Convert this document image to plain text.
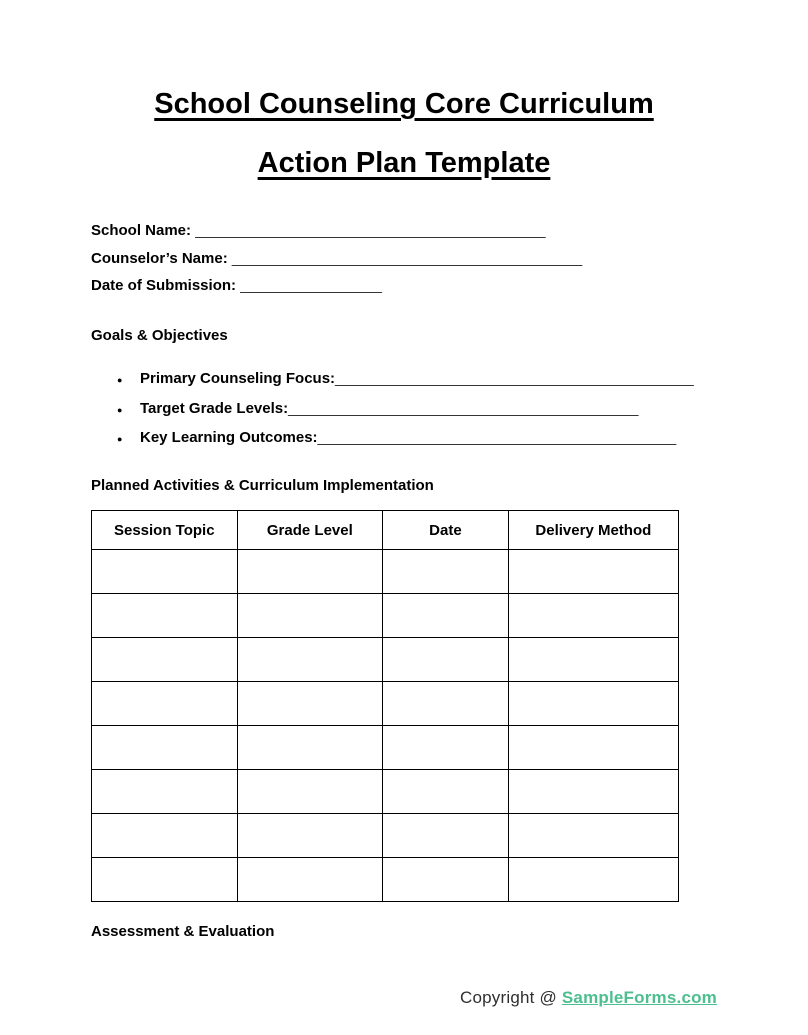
School Counseling Core Curriculum
Action Plan Template
School Name: __________________________________________
Counselor’s Name: __________________________________________
Date of Submission: _________________
Goals & Objectives
●	Primary Counseling Focus: ___________________________________________
●	Target Grade Levels: __________________________________________
●	Key Learning Outcomes: ___________________________________________
Planned Activities & Curriculum Implementation
Session Topic	Grade Level	Date	Delivery Method

Assessment & Evaluation
Copyright @ SampleForms.com
